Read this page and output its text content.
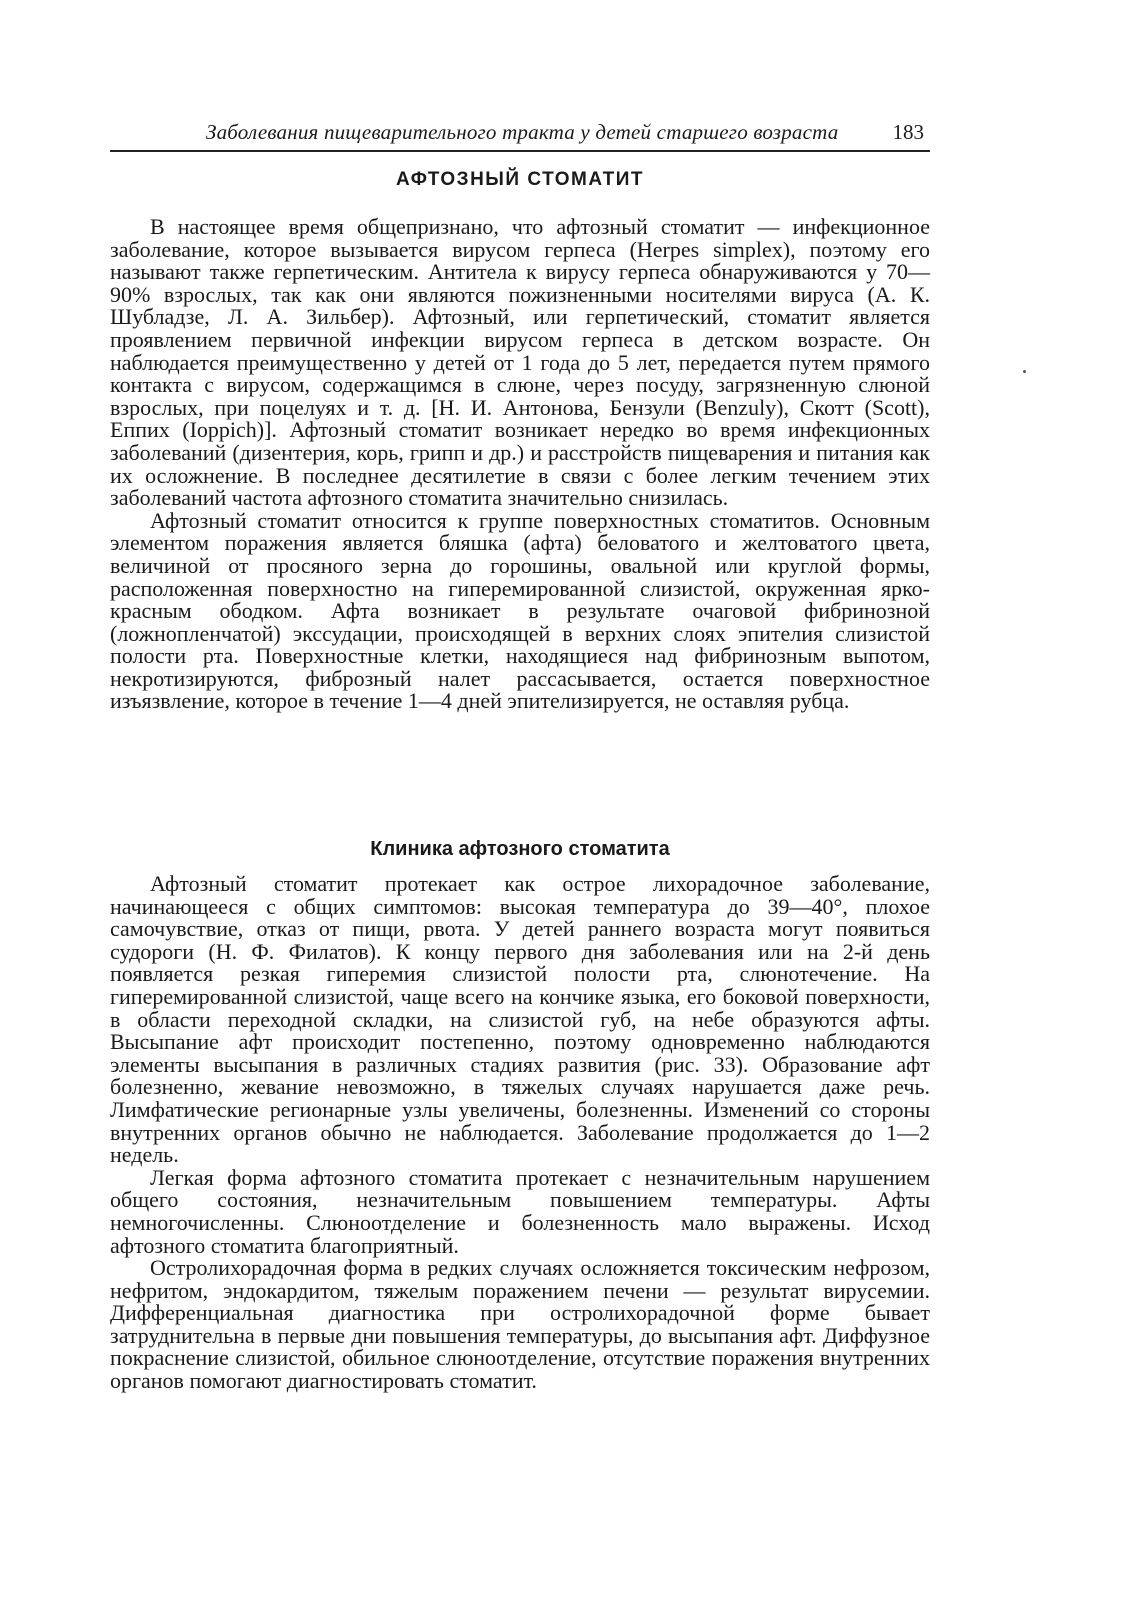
Заболевания пищеварительного тракта у детей старшего возраста	183
АФТОЗНЫЙ СТОМАТИТ

В настоящее время общепризнано, что афтозный стоматит — инфекционное заболевание, которое вызывается вирусом герпеса (Herpes simplex), поэтому его называют также герпетическим. Антитела к вирусу герпеса обнаруживаются у 70—90% взрослых, так как они являются пожизненными носителями вируса (А. К. Шубладзе, Л. А. Зильбер). Афтозный, или герпетический, стоматит является проявлением первичной инфекции вирусом герпеса в детском возрасте. Он наблюдается преимущественно у детей от 1 года до 5 лет, передается путем прямого контакта с вирусом, содержащимся в слюне, через посуду, загрязненную слюной взрослых, при поцелуях и т. д. [Н. И. Антонова, Бензули (Benzuly), Скотт (Scott), Еппих (Ioppich)]. Афтозный стоматит возникает нередко во время инфекционных заболеваний (дизентерия, корь, грипп и др.) и расстройств пищеварения и питания как их осложнение. В последнее десятилетие в связи с более легким течением этих заболеваний частота афтозного стоматита значительно снизилась.

Афтозный стоматит относится к группе поверхностных стоматитов. Основным элементом поражения является бляшка (афта) беловатого и желтоватого цвета, величиной от просяного зерна до горошины, овальной или круглой формы, расположенная поверхностно на гиперемированной слизистой, окруженная ярко-красным ободком. Афта возникает в результате очаговой фибринозной (ложнопленчатой) экссудации, происходящей в верхних слоях эпителия слизистой полости рта. Поверхностные клетки, находящиеся над фибринозным выпотом, некротизируются, фиброзный налет рассасывается, остается поверхностное изъязвление, которое в течение 1—4 дней эпителизируется, не оставляя рубца.

Клиника афтозного стоматита

Афтозный стоматит протекает как острое лихорадочное заболевание, начинающееся с общих симптомов: высокая температура до 39—40°, плохое самочувствие, отказ от пищи, рвота. У детей раннего возраста могут появиться судороги (Н. Ф. Филатов). К концу первого дня заболевания или на 2-й день появляется резкая гиперемия слизистой полости рта, слюнотечение. На гиперемированной слизистой, чаще всего на кончике языка, его боковой поверхности, в области переходной складки, на слизистой губ, на небе образуются афты. Высыпание афт происходит постепенно, поэтому одновременно наблюдаются элементы высыпания в различных стадиях развития (рис. 33). Образование афт болезненно, жевание невозможно, в тяжелых случаях нарушается даже речь. Лимфатические регионарные узлы увеличены, болезненны. Изменений со стороны внутренних органов обычно не наблюдается. Заболевание продолжается до 1—2 недель.

Легкая форма афтозного стоматита протекает с незначительным нарушением общего состояния, незначительным повышением температуры. Афты немногочисленны. Слюноотделение и болезненность мало выражены. Исход афтозного стоматита благоприятный.

Остролихорадочная форма в редких случаях осложняется токсическим нефрозом, нефритом, эндокардитом, тяжелым поражением печени — результат вирусемии. Дифференциальная диагностика при остролихорадочной форме бывает затруднительна в первые дни повышения температуры, до высыпания афт. Диффузное покраснение слизистой, обильное слюноотделение, отсутствие поражения внутренних органов помогают диагностировать стоматит.
